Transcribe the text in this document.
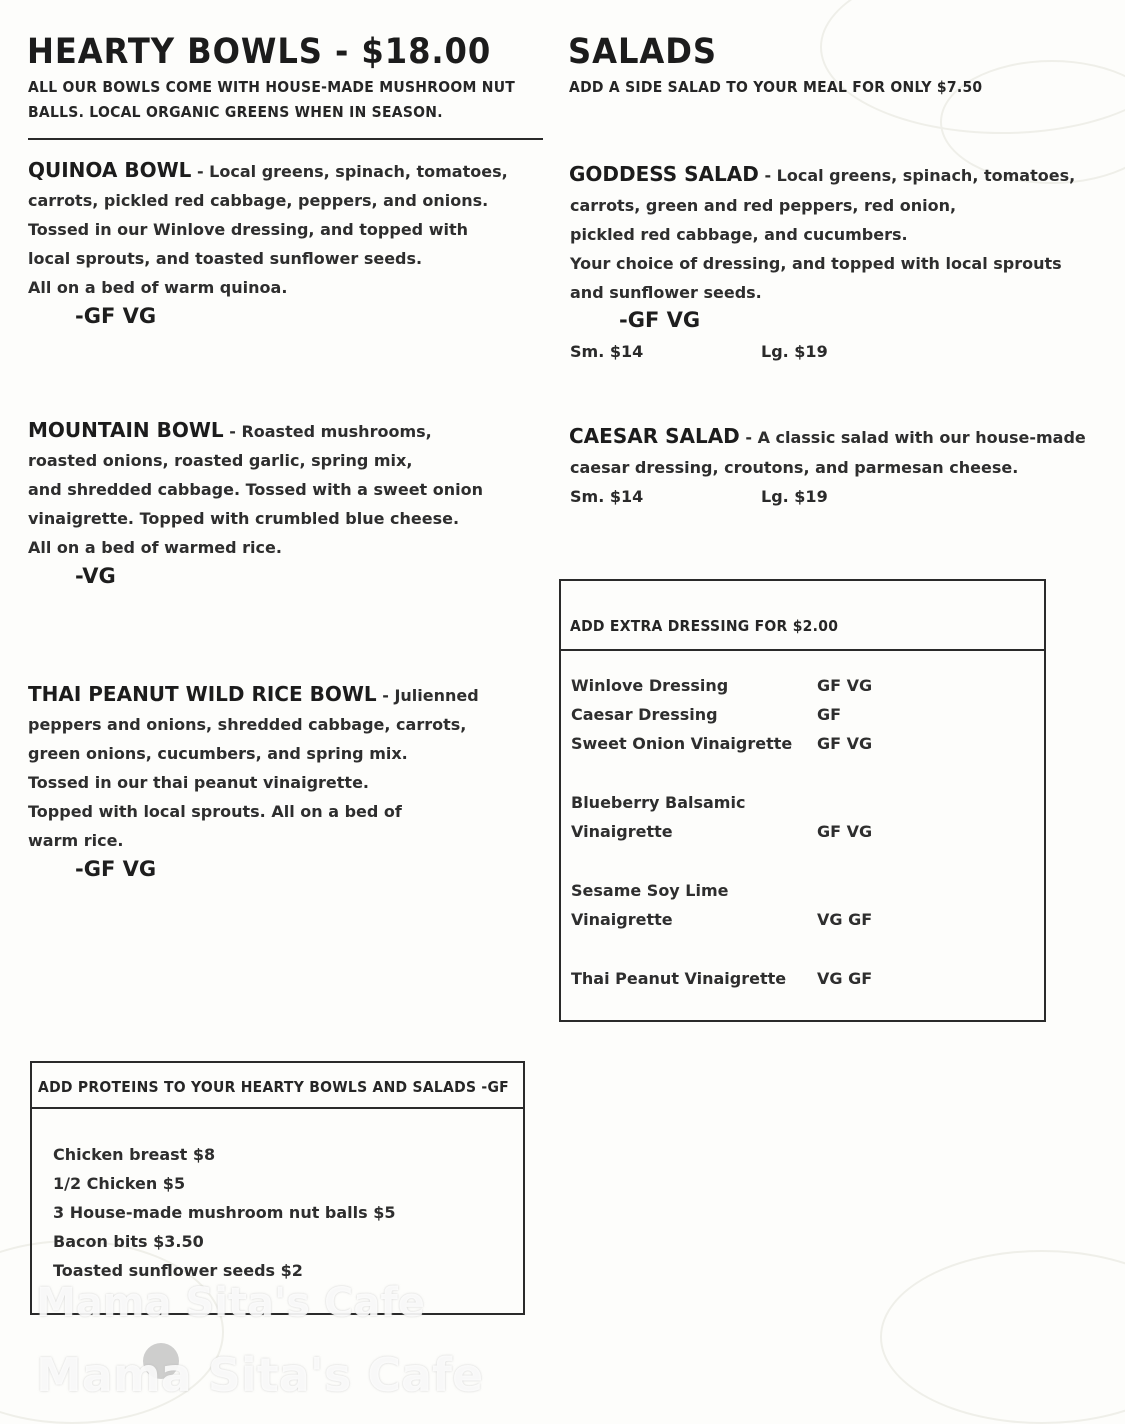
HEARTY BOWLS - $18.00
ALL OUR BOWLS COME WITH HOUSE-MADE MUSHROOM NUT
BALLS. LOCAL ORGANIC GREENS WHEN IN SEASON.
QUINOA BOWL - Local greens, spinach, tomatoes,
carrots, pickled red cabbage, peppers, and onions.
Tossed in our Winlove dressing, and topped with
local sprouts, and toasted sunflower seeds.
All on a bed of warm quinoa.
-GF VG
MOUNTAIN BOWL - Roasted mushrooms,
roasted onions, roasted garlic, spring mix,
and shredded cabbage. Tossed with a sweet onion
vinaigrette. Topped with crumbled blue cheese.
All on a bed of warmed rice.
-VG
THAI PEANUT WILD RICE BOWL - Julienned
peppers and onions, shredded cabbage, carrots,
green onions, cucumbers, and spring mix.
Tossed in our thai peanut vinaigrette.
Topped with local sprouts. All on a bed of
warm rice.
-GF VG
ADD PROTEINS TO YOUR HEARTY BOWLS AND SALADS -GF
Chicken breast $8
1/2 Chicken $5
3 House-made mushroom nut balls $5
Bacon bits $3.50
Toasted sunflower seeds $2
SALADS
ADD A SIDE SALAD TO YOUR MEAL FOR ONLY $7.50
GODDESS SALAD - Local greens, spinach, tomatoes,
carrots, green and red peppers, red onion,
pickled red cabbage, and cucumbers.
Your choice of dressing, and topped with local sprouts
and sunflower seeds.
-GF VG
Sm. $14	Lg. $19
CAESAR SALAD - A classic salad with our house-made
caesar dressing, croutons, and parmesan cheese.
Sm. $14	Lg. $19
ADD EXTRA DRESSING FOR $2.00
Winlove Dressing	GF VG
Caesar Dressing	GF
Sweet Onion Vinaigrette GF VG
Blueberry Balsamic
Vinaigrette	GF VG
Sesame Soy Lime
Vinaigrette	VG GF
Thai Peanut Vinaigrette VG GF
Mama Sita's Cafe
Mama Sita's Cafe
